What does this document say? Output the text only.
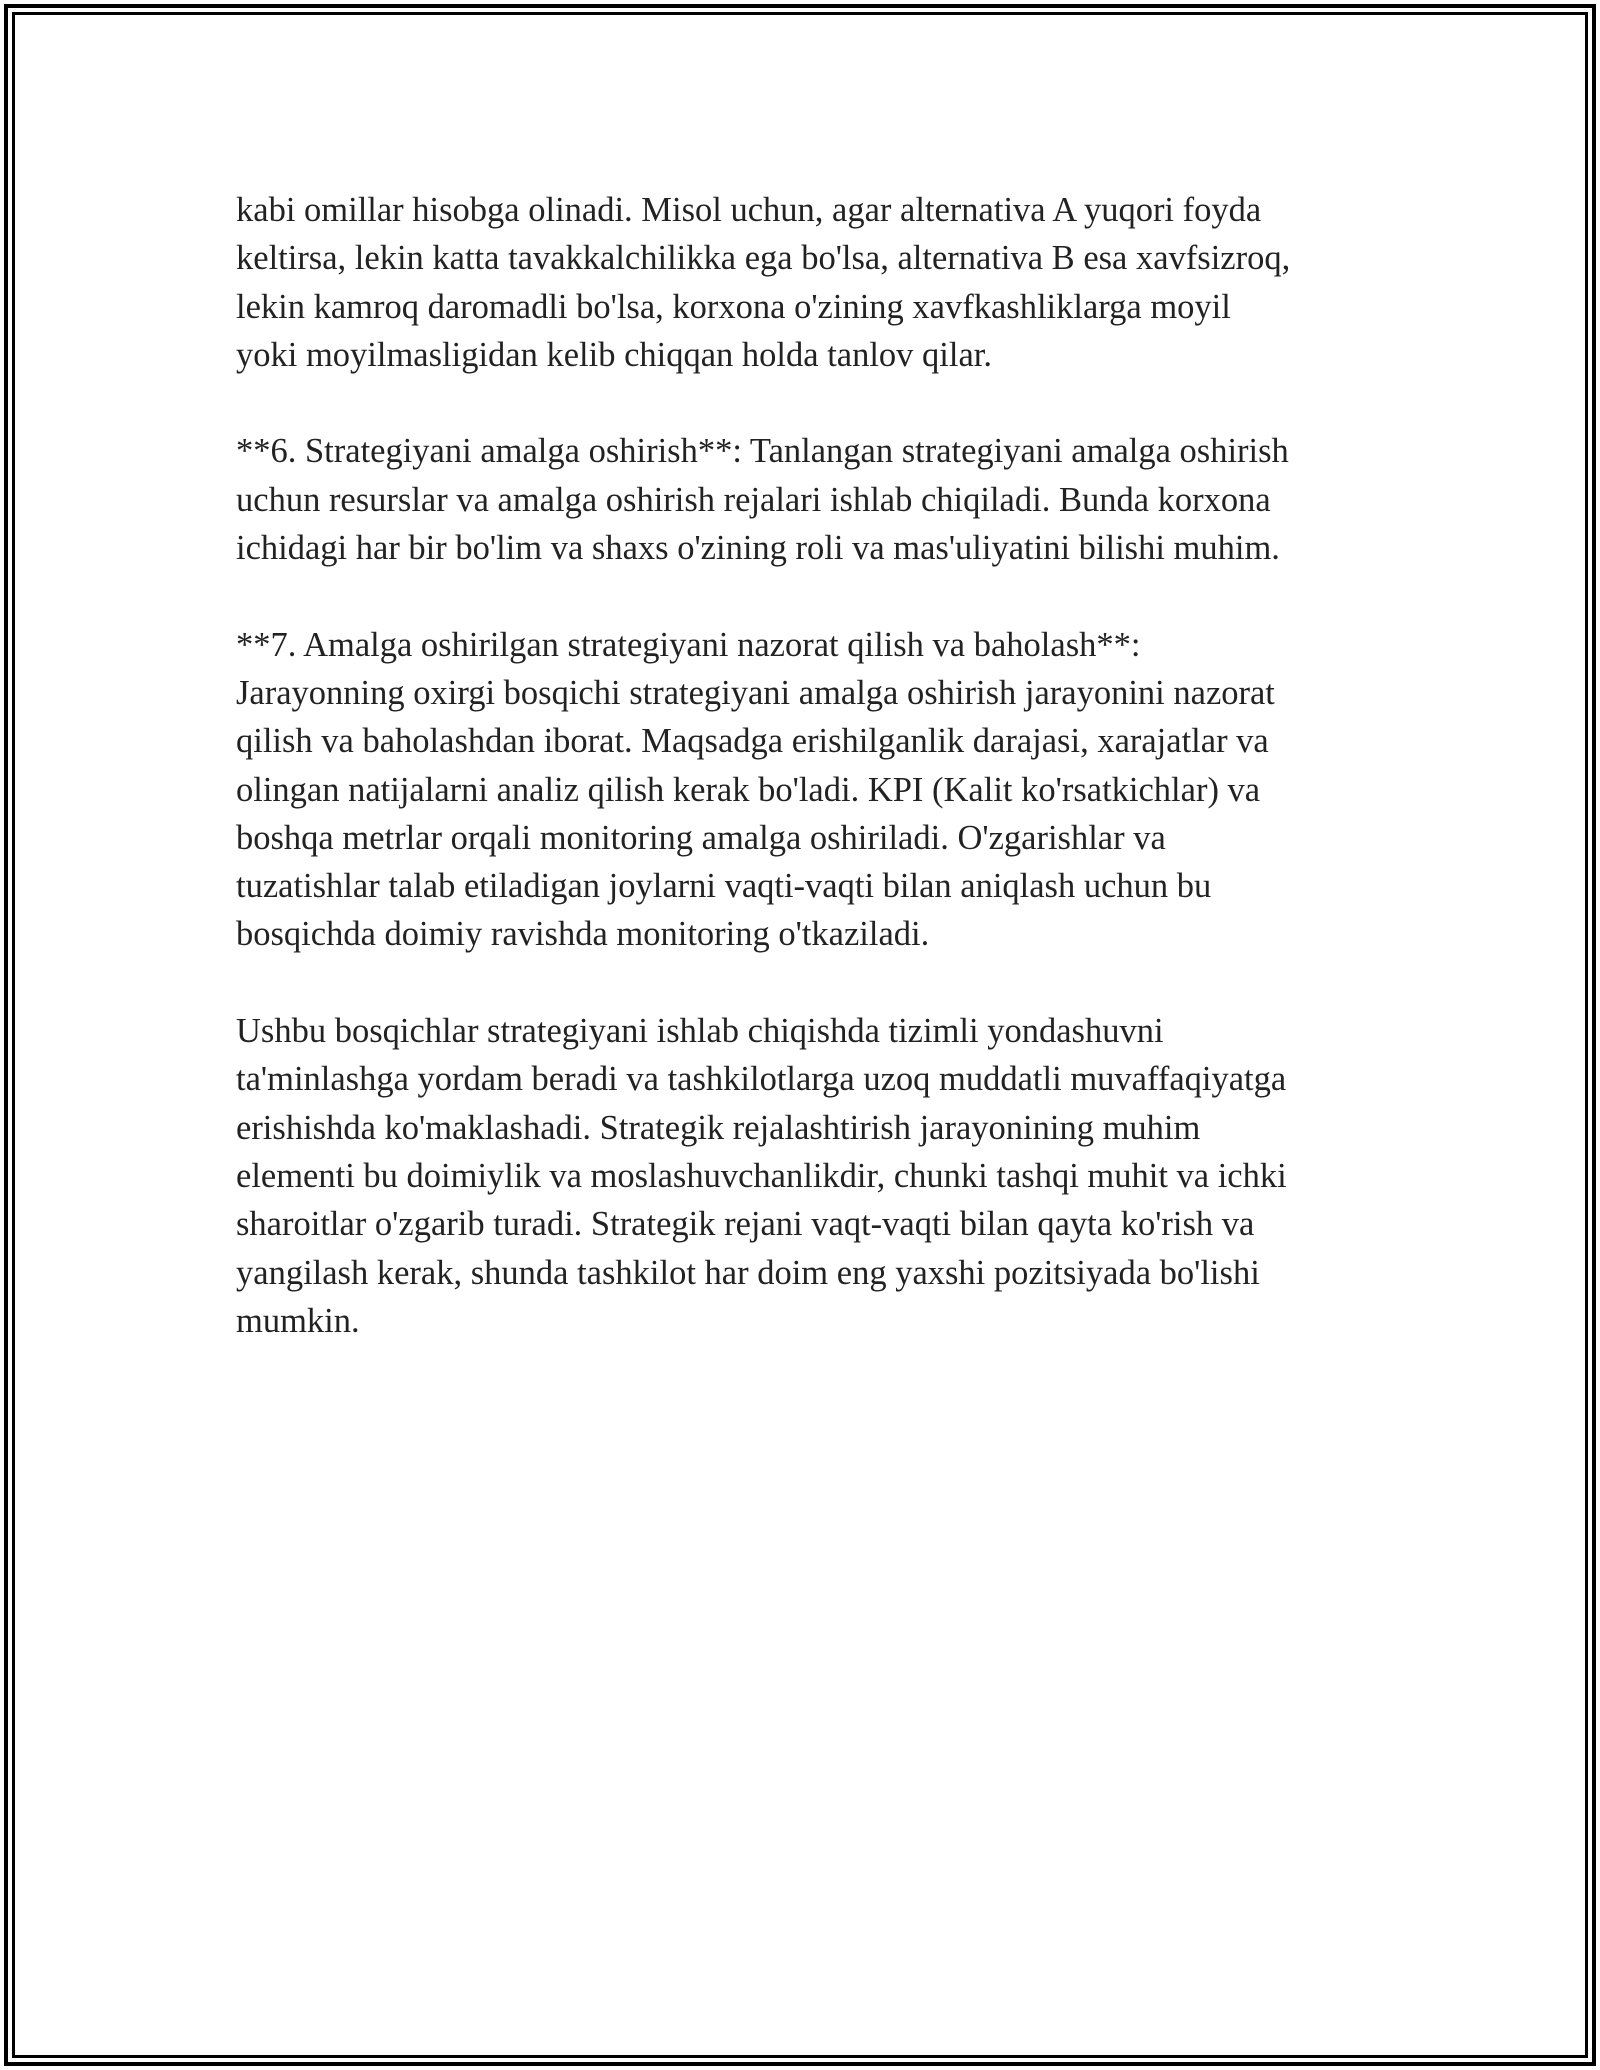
kabi omillar hisobga olinadi. Misol uchun, agar alternativa A yuqori foyda
keltirsa, lekin katta tavakkalchilikka ega bo'lsa, alternativa B esa xavfsizroq,
lekin kamroq daromadli bo'lsa, korxona o'zining xavfkashliklarga moyil
yoki moyilmasligidan kelib chiqqan holda tanlov qilar.

**6. Strategiyani amalga oshirish**: Tanlangan strategiyani amalga oshirish
uchun resurslar va amalga oshirish rejalari ishlab chiqiladi. Bunda korxona
ichidagi har bir bo'lim va shaxs o'zining roli va mas'uliyatini bilishi muhim.

**7. Amalga oshirilgan strategiyani nazorat qilish va baholash**:
Jarayonning oxirgi bosqichi strategiyani amalga oshirish jarayonini nazorat
qilish va baholashdan iborat. Maqsadga erishilganlik darajasi, xarajatlar va
olingan natijalarni analiz qilish kerak bo'ladi. KPI (Kalit ko'rsatkichlar) va
boshqa metrlar orqali monitoring amalga oshiriladi. O'zgarishlar va
tuzatishlar talab etiladigan joylarni vaqti-vaqti bilan aniqlash uchun bu
bosqichda doimiy ravishda monitoring o'tkaziladi.

Ushbu bosqichlar strategiyani ishlab chiqishda tizimli yondashuvni
ta'minlashga yordam beradi va tashkilotlarga uzoq muddatli muvaffaqiyatga
erishishda ko'maklashadi. Strategik rejalashtirish jarayonining muhim
elementi bu doimiylik va moslashuvchanlikdir, chunki tashqi muhit va ichki
sharoitlar o'zgarib turadi. Strategik rejani vaqt-vaqti bilan qayta ko'rish va
yangilash kerak, shunda tashkilot har doim eng yaxshi pozitsiyada bo'lishi
mumkin.
